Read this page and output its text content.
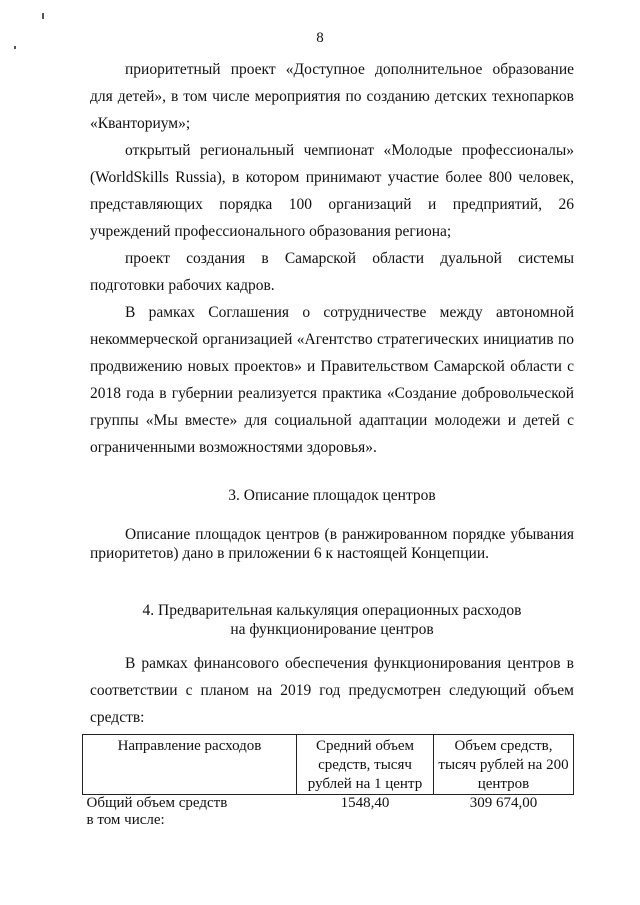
8

приоритетный проект «Доступное дополнительное образование для детей», в том числе мероприятия по созданию детских технопарков «Кванториум»;

открытый региональный чемпионат «Молодые профессионалы» (WorldSkills Russia), в котором принимают участие более 800 человек, представляющих порядка 100 организаций и предприятий, 26 учреждений профессионального образования региона;

проект создания в Самарской области дуальной системы подготовки рабочих кадров.

В рамках Соглашения о сотрудничестве между автономной некоммерческой организацией «Агентство стратегических инициатив по продвижению новых проектов» и Правительством Самарской области с 2018 года в губернии реализуется практика «Создание добровольческой группы «Мы вместе» для социальной адаптации молодежи и детей с ограниченными возможностями здоровья».

3. Описание площадок центров

Описание площадок центров (в ранжированном порядке убывания приоритетов) дано в приложении 6 к настоящей Концепции.

4. Предварительная калькуляция операционных расходов
на функционирование центров

В рамках финансового обеспечения функционирования центров в соответствии с планом на 2019 год предусмотрен следующий объем средств:

Направление расходов	Средний объем средств, тысяч рублей на 1 центр	Объем средств, тысяч рублей на 200 центров
Общий объем средств	1548,40	309 674,00
в том числе:		
